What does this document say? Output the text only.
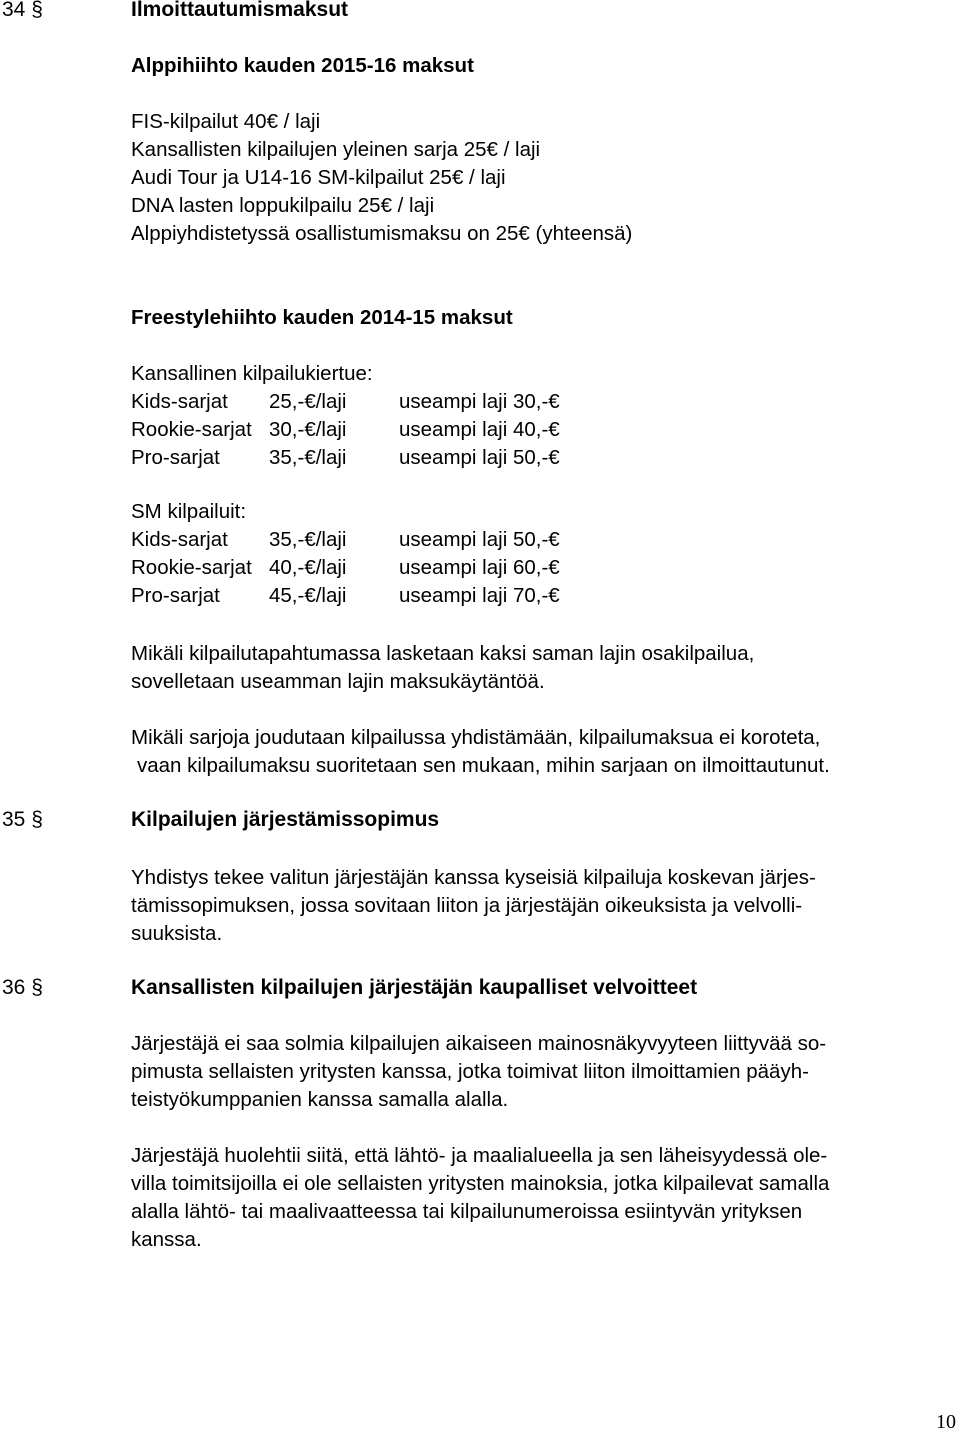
34 §	Ilmoittautumismaksut
Alppihiihto kauden 2015-16 maksut
FIS-kilpailut 40€ / laji
Kansallisten kilpailujen yleinen sarja 25€ / laji
Audi Tour ja U14-16 SM-kilpailut 25€ / laji
DNA lasten loppukilpailu 25€ / laji
Alppiyhdistetyssä osallistumismaksu on 25€ (yhteensä)
Freestylehiihto kauden 2014-15 maksut
Kansallinen kilpailukiertue:
Kids-sarjat	25,-€/laji	useampi laji 30,-€
Rookie-sarjat 30,-€/laji	useampi laji 40,-€
Pro-sarjat	35,-€/laji	useampi laji 50,-€
SM kilpailuit:
Kids-sarjat	35,-€/laji	useampi laji 50,-€
Rookie-sarjat 40,-€/laji	useampi laji 60,-€
Pro-sarjat	45,-€/laji	useampi laji 70,-€
Mikäli kilpailutapahtumassa lasketaan kaksi saman lajin osakilpailua,
sovelletaan useamman lajin maksukäytäntöä.
Mikäli sarjoja joudutaan kilpailussa yhdistämään, kilpailumaksua ei koroteta,
vaan kilpailumaksu suoritetaan sen mukaan, mihin sarjaan on ilmoittautunut.
35 §	Kilpailujen järjestämissopimus
Yhdistys tekee valitun järjestäjän kanssa kyseisiä kilpailuja koskevan järjes-
tämissopimuksen, jossa sovitaan liiton ja järjestäjän oikeuksista ja velvolli-
suuksista.
36 §	Kansallisten kilpailujen järjestäjän kaupalliset velvoitteet
Järjestäjä ei saa solmia kilpailujen aikaiseen mainosnäkyvyyteen liittyvää so-
pimusta sellaisten yritysten kanssa, jotka toimivat liiton ilmoittamien pääyh-
teistyökumppanien kanssa samalla alalla.
Järjestäjä huolehtii siitä, että lähtö- ja maalialueella ja sen läheisyydessä ole-
villa toimitsijoilla ei ole sellaisten yritysten mainoksia, jotka kilpailevat samalla
alalla lähtö- tai maalivaatteessa tai kilpailunumeroissa esiintyvän yrityksen
kanssa.
10
